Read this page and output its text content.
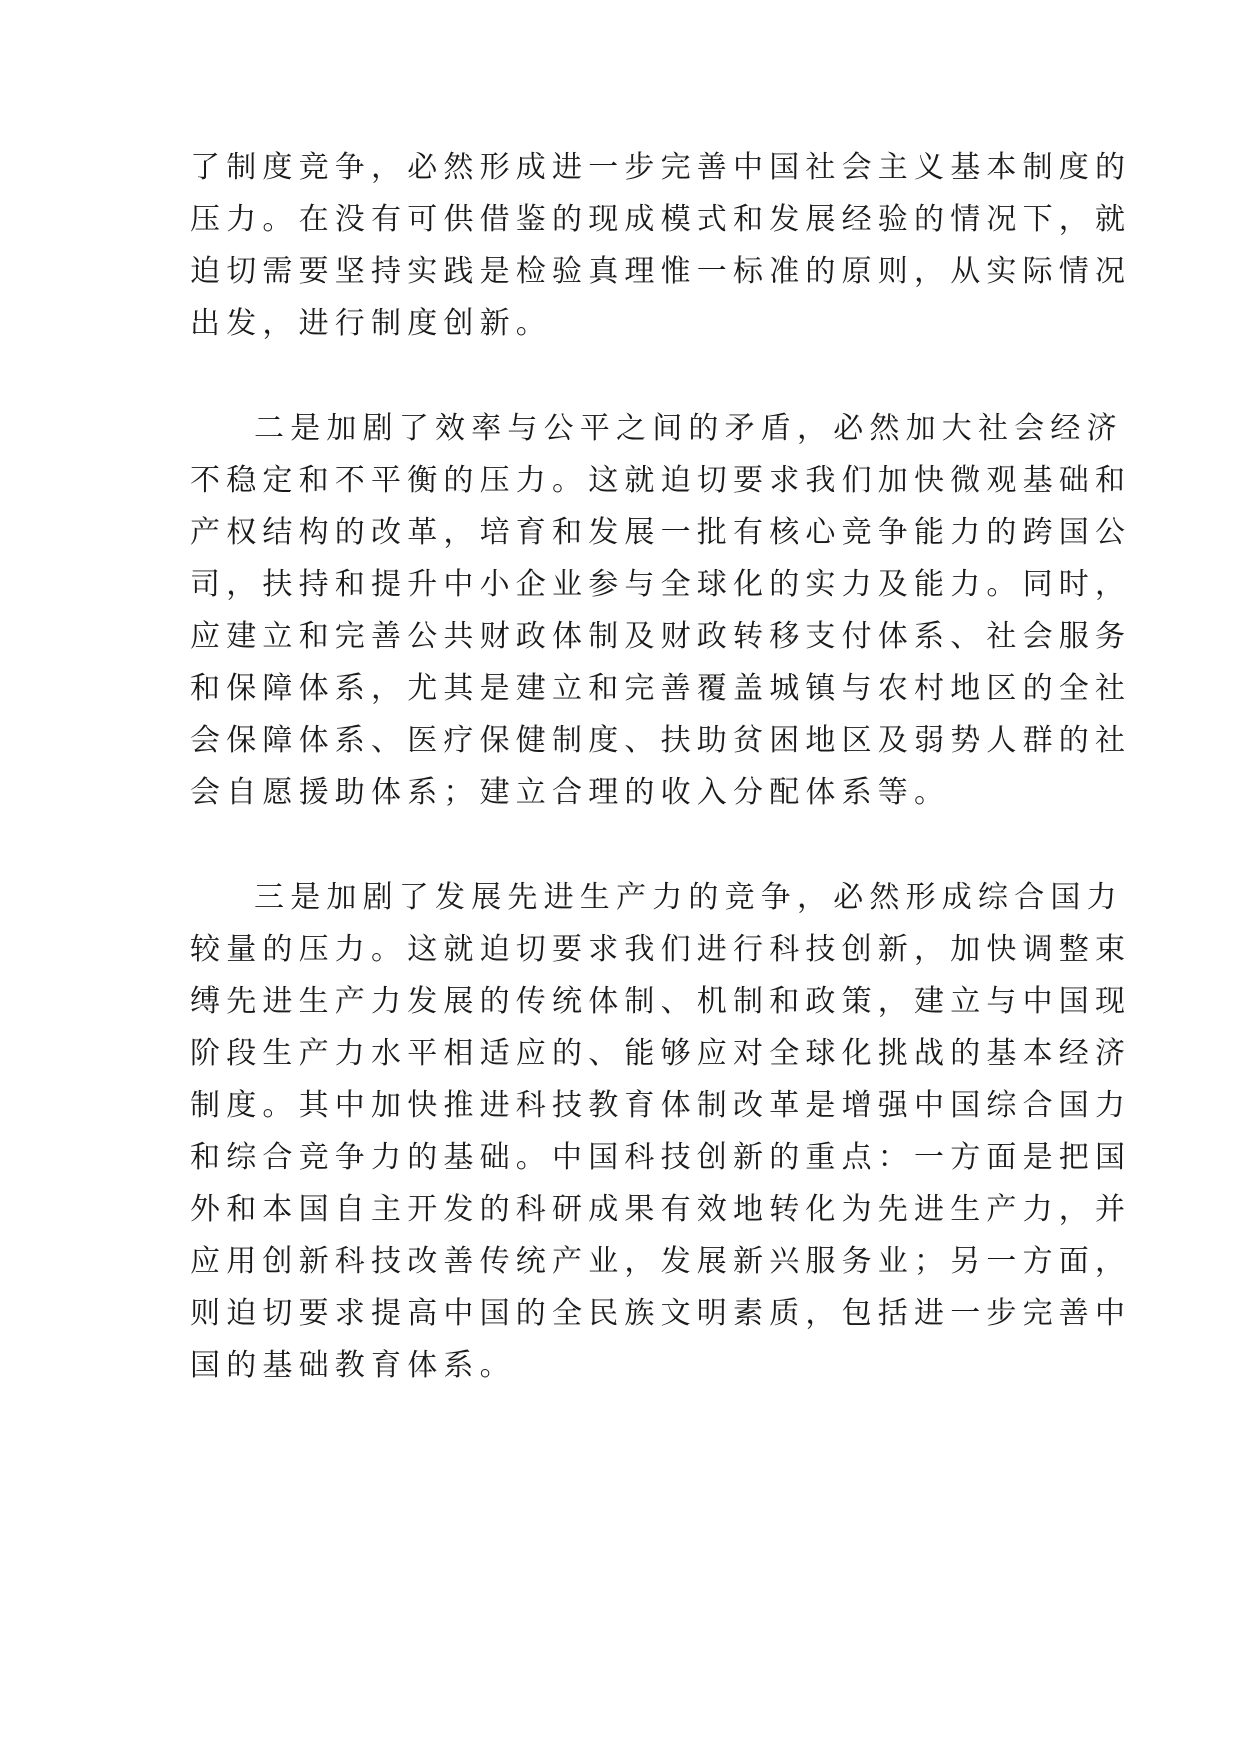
了制度竞争，必然形成进一步完善中国社会主义基本制度的
压力。在没有可供借鉴的现成模式和发展经验的情况下，就
迫切需要坚持实践是检验真理惟一标准的原则，从实际情况
出发，进行制度创新。
二是加剧了效率与公平之间的矛盾，必然加大社会经济
不稳定和不平衡的压力。这就迫切要求我们加快微观基础和
产权结构的改革，培育和发展一批有核心竞争能力的跨国公
司，扶持和提升中小企业参与全球化的实力及能力。同时，
应建立和完善公共财政体制及财政转移支付体系、社会服务
和保障体系，尤其是建立和完善覆盖城镇与农村地区的全社
会保障体系、医疗保健制度、扶助贫困地区及弱势人群的社
会自愿援助体系；建立合理的收入分配体系等。
三是加剧了发展先进生产力的竞争，必然形成综合国力
较量的压力。这就迫切要求我们进行科技创新，加快调整束
缚先进生产力发展的传统体制、机制和政策，建立与中国现
阶段生产力水平相适应的、能够应对全球化挑战的基本经济
制度。其中加快推进科技教育体制改革是增强中国综合国力
和综合竞争力的基础。中国科技创新的重点：一方面是把国
外和本国自主开发的科研成果有效地转化为先进生产力，并
应用创新科技改善传统产业，发展新兴服务业；另一方面，
则迫切要求提高中国的全民族文明素质，包括进一步完善中
国的基础教育体系。
